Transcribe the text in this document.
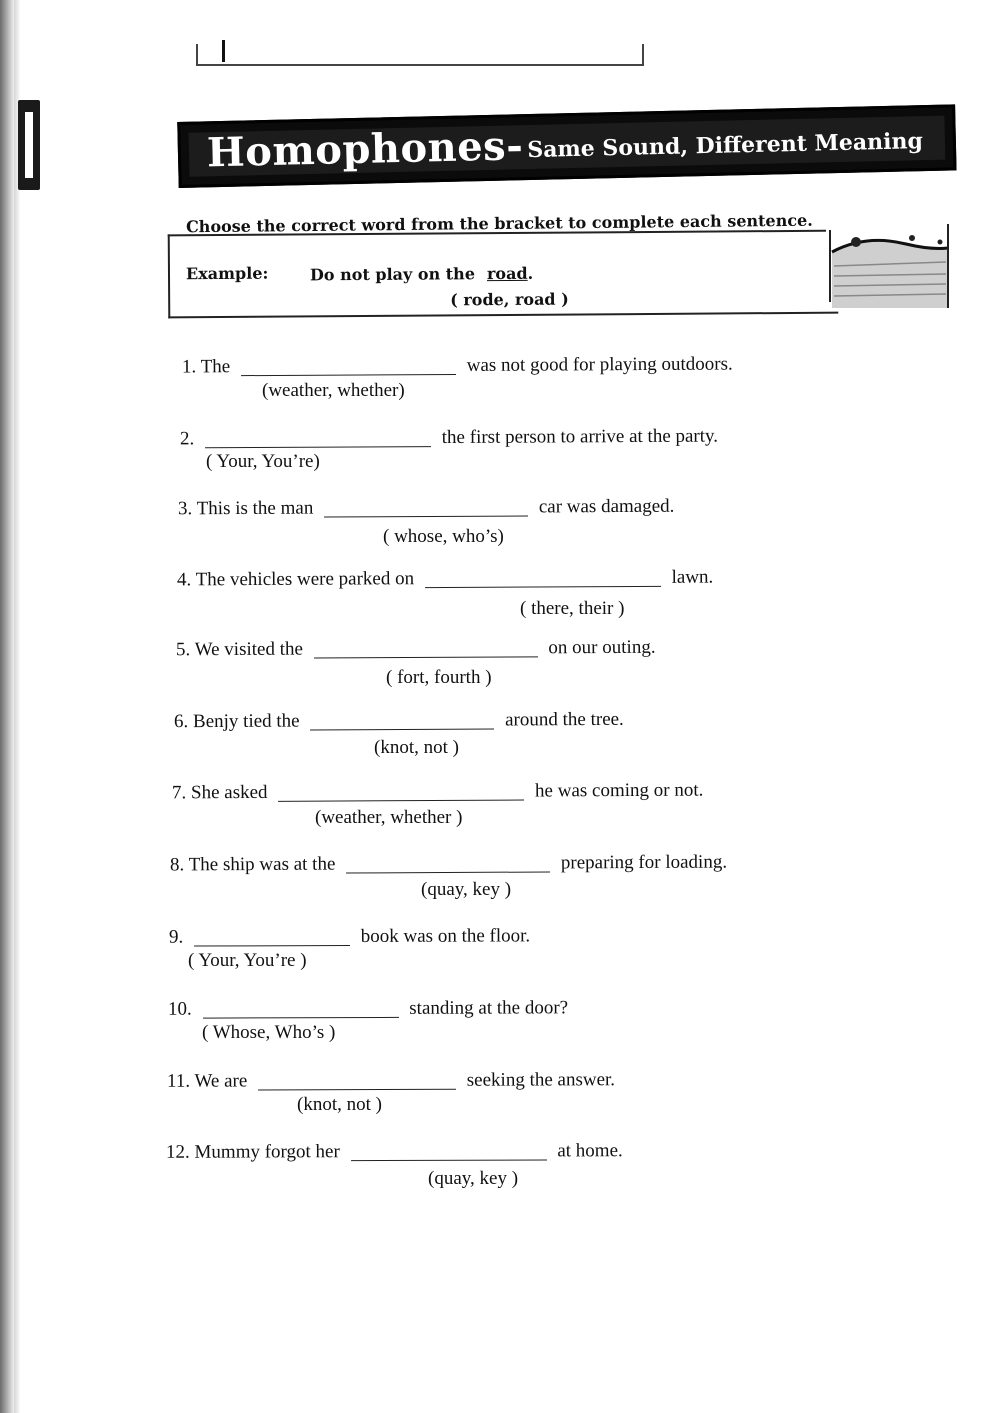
Homophones- Same Sound, Different Meaning
Choose the correct word from the bracket to complete each sentence.
Example:	Do not play on the road.
( rode, road )
1. The	was not good for playing outdoors.
(weather, whether)
2.	the first person to arrive at the party.
( Your, You’re)
3. This is the man	car was damaged.
( whose, who’s)
4. The vehicles were parked on	lawn.
( there, their )
5. We visited the	on our outing.
( fort, fourth )
6. Benjy tied the	around the tree.
(knot, not )
7. She asked	he was coming or not.
(weather, whether )
8. The ship was at the	preparing for loading.
(quay, key )
9.	book was on the floor.
( Your, You’re )
10.	standing at the door?
( Whose, Who’s )
11. We are	seeking the answer.
(knot, not )
12. Mummy forgot her	at home.
(quay, key )
